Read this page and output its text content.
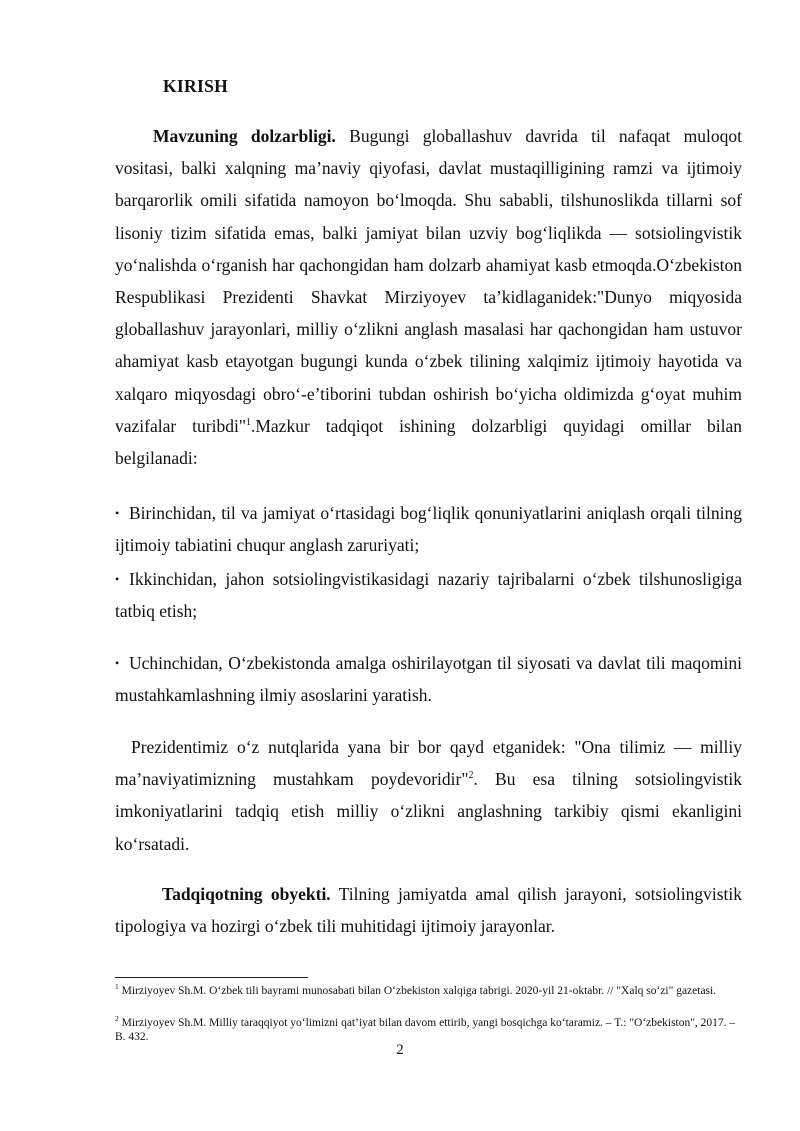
KIRISH

Mavzuning dolzarbligi. Bugungi globallashuv davrida til nafaqat muloqot vositasi, balki xalqning ma’naviy qiyofasi, davlat mustaqilligining ramzi va ijtimoiy barqarorlik omili sifatida namoyon bo‘lmoqda. Shu sababli, tilshunoslikda tillarni sof lisoniy tizim sifatida emas, balki jamiyat bilan uzviy bog‘liqlikda — sotsiolingvistik yo‘nalishda o‘rganish har qachongidan ham dolzarb ahamiyat kasb etmoqda.O‘zbekiston Respublikasi Prezidenti Shavkat Mirziyoyev ta’kidlaganidek:"Dunyo miqyosida globallashuv jarayonlari, milliy o‘zlikni anglash masalasi har qachongidan ham ustuvor ahamiyat kasb etayotgan bugungi kunda o‘zbek tilining xalqimiz ijtimoiy hayotida va xalqaro miqyosdagi obro‘-e’tiborini tubdan oshirish bo‘yicha oldimizda g‘oyat muhim vazifalar turibdi"$^1$.Mazkur tadqiqot ishining dolzarbligi quyidagi omillar bilan belgilanadi:

• Birinchidan, til va jamiyat o‘rtasidagi bog‘liqlik qonuniyatlarini aniqlash orqali tilning ijtimoiy tabiatini chuqur anglash zaruriyati;

• Ikkinchidan, jahon sotsiolingvistikasidagi nazariy tajribalarni o‘zbek tilshunosligiga tatbiq etish;

• Uchinchidan, O‘zbekistonda amalga oshirilayotgan til siyosati va davlat tili maqomini mustahkamlashning ilmiy asoslarini yaratish.

Prezidentimiz o‘z nutqlarida yana bir bor qayd etganidek: "Ona tilimiz — milliy ma’naviyatimizning mustahkam poydevoridir"$^2$. Bu esa tilning sotsiolingvistik imkoniyatlarini tadqiq etish milliy o‘zlikni anglashning tarkibiy qismi ekanligini ko‘rsatadi.

Tadqiqotning obyekti. Tilning jamiyatda amal qilish jarayoni, sotsiolingvistik tipologiya va hozirgi o‘zbek tili muhitidagi ijtimoiy jarayonlar.

$^1$ Mirziyoyev Sh.M. O‘zbek tili bayrami munosabati bilan O‘zbekiston xalqiga tabrigi. 2020-yil 21-oktabr. // "Xalq so‘zi" gazetasi.

$^2$ Mirziyoyev Sh.M. Milliy taraqqiyot yo‘limizni qat’iyat bilan davom ettirib, yangi bosqichga ko‘taramiz. – T.: "O‘zbekiston", 2017. – B. 432.

2
